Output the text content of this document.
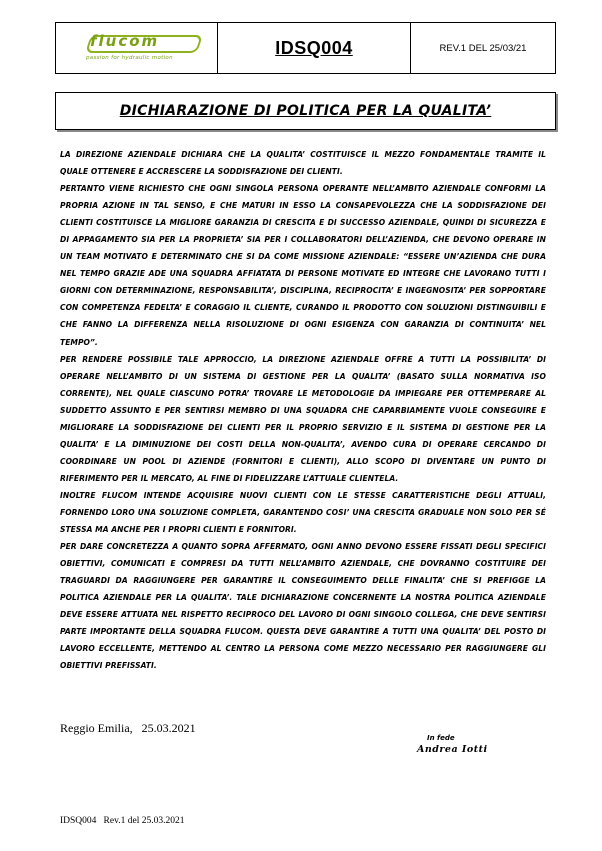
flucom
passion for hydraulic motion
IDSQ004	REV.1 DEL 25/03/21
DICHIARAZIONE DI POLITICA PER LA QUALITA’

LA DIREZIONE AZIENDALE DICHIARA CHE LA QUALITA’ COSTITUISCE IL MEZZO FONDAMENTALE TRAMITE IL QUALE OTTENERE E ACCRESCERE LA SODDISFAZIONE DEI CLIENTI.

PERTANTO VIENE RICHIESTO CHE OGNI SINGOLA PERSONA OPERANTE NELL’AMBITO AZIENDALE CONFORMI LA PROPRIA AZIONE IN TAL SENSO, E CHE MATURI IN ESSO LA CONSAPEVOLEZZA CHE LA SODDISFAZIONE DEI CLIENTI COSTITUISCE LA MIGLIORE GARANZIA DI CRESCITA E DI SUCCESSO AZIENDALE, QUINDI DI SICUREZZA E DI APPAGAMENTO SIA PER LA PROPRIETA’ SIA PER I COLLABORATORI DELL’AZIENDA, CHE DEVONO OPERARE IN UN TEAM MOTIVATO E DETERMINATO CHE SI DA COME MISSIONE AZIENDALE: “ESSERE UN’AZIENDA CHE DURA NEL TEMPO GRAZIE ADE UNA SQUADRA AFFIATATA DI PERSONE MOTIVATE ED INTEGRE CHE LAVORANO TUTTI I GIORNI CON DETERMINAZIONE, RESPONSABILITA’, DISCIPLINA, RECIPROCITA’ E INGEGNOSITA’ PER SOPPORTARE CON COMPETENZA FEDELTA’ E CORAGGIO IL CLIENTE, CURANDO IL PRODOTTO CON SOLUZIONI DISTINGUIBILI E CHE FANNO LA DIFFERENZA NELLA RISOLUZIONE DI OGNI ESIGENZA CON GARANZIA DI CONTINUITA’ NEL TEMPO”.

PER RENDERE POSSIBILE TALE APPROCCIO, LA DIREZIONE AZIENDALE OFFRE A TUTTI LA POSSIBILITA’ DI OPERARE NELL’AMBITO DI UN SISTEMA DI GESTIONE PER LA QUALITA’ (BASATO SULLA NORMATIVA ISO CORRENTE), NEL QUALE CIASCUNO POTRA’ TROVARE LE METODOLOGIE DA IMPIEGARE PER OTTEMPERARE AL SUDDETTO ASSUNTO E PER SENTIRSI MEMBRO DI UNA SQUADRA CHE CAPARBIAMENTE VUOLE CONSEGUIRE E MIGLIORARE LA SODDISFAZIONE DEI CLIENTI PER IL PROPRIO SERVIZIO E IL SISTEMA DI GESTIONE PER LA QUALITA’ E LA DIMINUZIONE DEI COSTI DELLA NON-QUALITA’, AVENDO CURA DI OPERARE CERCANDO DI COORDINARE UN POOL DI AZIENDE (FORNITORI E CLIENTI), ALLO SCOPO DI DIVENTARE UN PUNTO DI RIFERIMENTO PER IL MERCATO, AL FINE DI FIDELIZZARE L’ATTUALE CLIENTELA.

INOLTRE FLUCOM INTENDE ACQUISIRE NUOVI CLIENTI CON LE STESSE CARATTERISTICHE DEGLI ATTUALI, FORNENDO LORO UNA SOLUZIONE COMPLETA, GARANTENDO COSI’ UNA CRESCITA GRADUALE NON SOLO PER SÉ STESSA MA ANCHE PER I PROPRI CLIENTI E FORNITORI.

PER DARE CONCRETEZZA A QUANTO SOPRA AFFERMATO, OGNI ANNO DEVONO ESSERE FISSATI DEGLI SPECIFICI OBIETTIVI, COMUNICATI E COMPRESI DA TUTTI NELL’AMBITO AZIENDALE, CHE DOVRANNO COSTITUIRE DEI TRAGUARDI DA RAGGIUNGERE PER GARANTIRE IL CONSEGUIMENTO DELLE FINALITA’ CHE SI PREFIGGE LA POLITICA AZIENDALE PER LA QUALITA’. TALE DICHIARAZIONE CONCERNENTE LA NOSTRA POLITICA AZIENDALE DEVE ESSERE ATTUATA NEL RISPETTO RECIPROCO DEL LAVORO DI OGNI SINGOLO COLLEGA, CHE DEVE SENTIRSI PARTE IMPORTANTE DELLA SQUADRA FLUCOM. QUESTA DEVE GARANTIRE A TUTTI UNA QUALITA’ DEL POSTO DI LAVORO ECCELLENTE, METTENDO AL CENTRO LA PERSONA COME MEZZO NECESSARIO PER RAGGIUNGERE GLI OBIETTIVI PREFISSATI.

Reggio Emilia,   25.03.2021
In fede
Andrea Iotti
IDSQ004   Rev.1 del 25.03.2021
